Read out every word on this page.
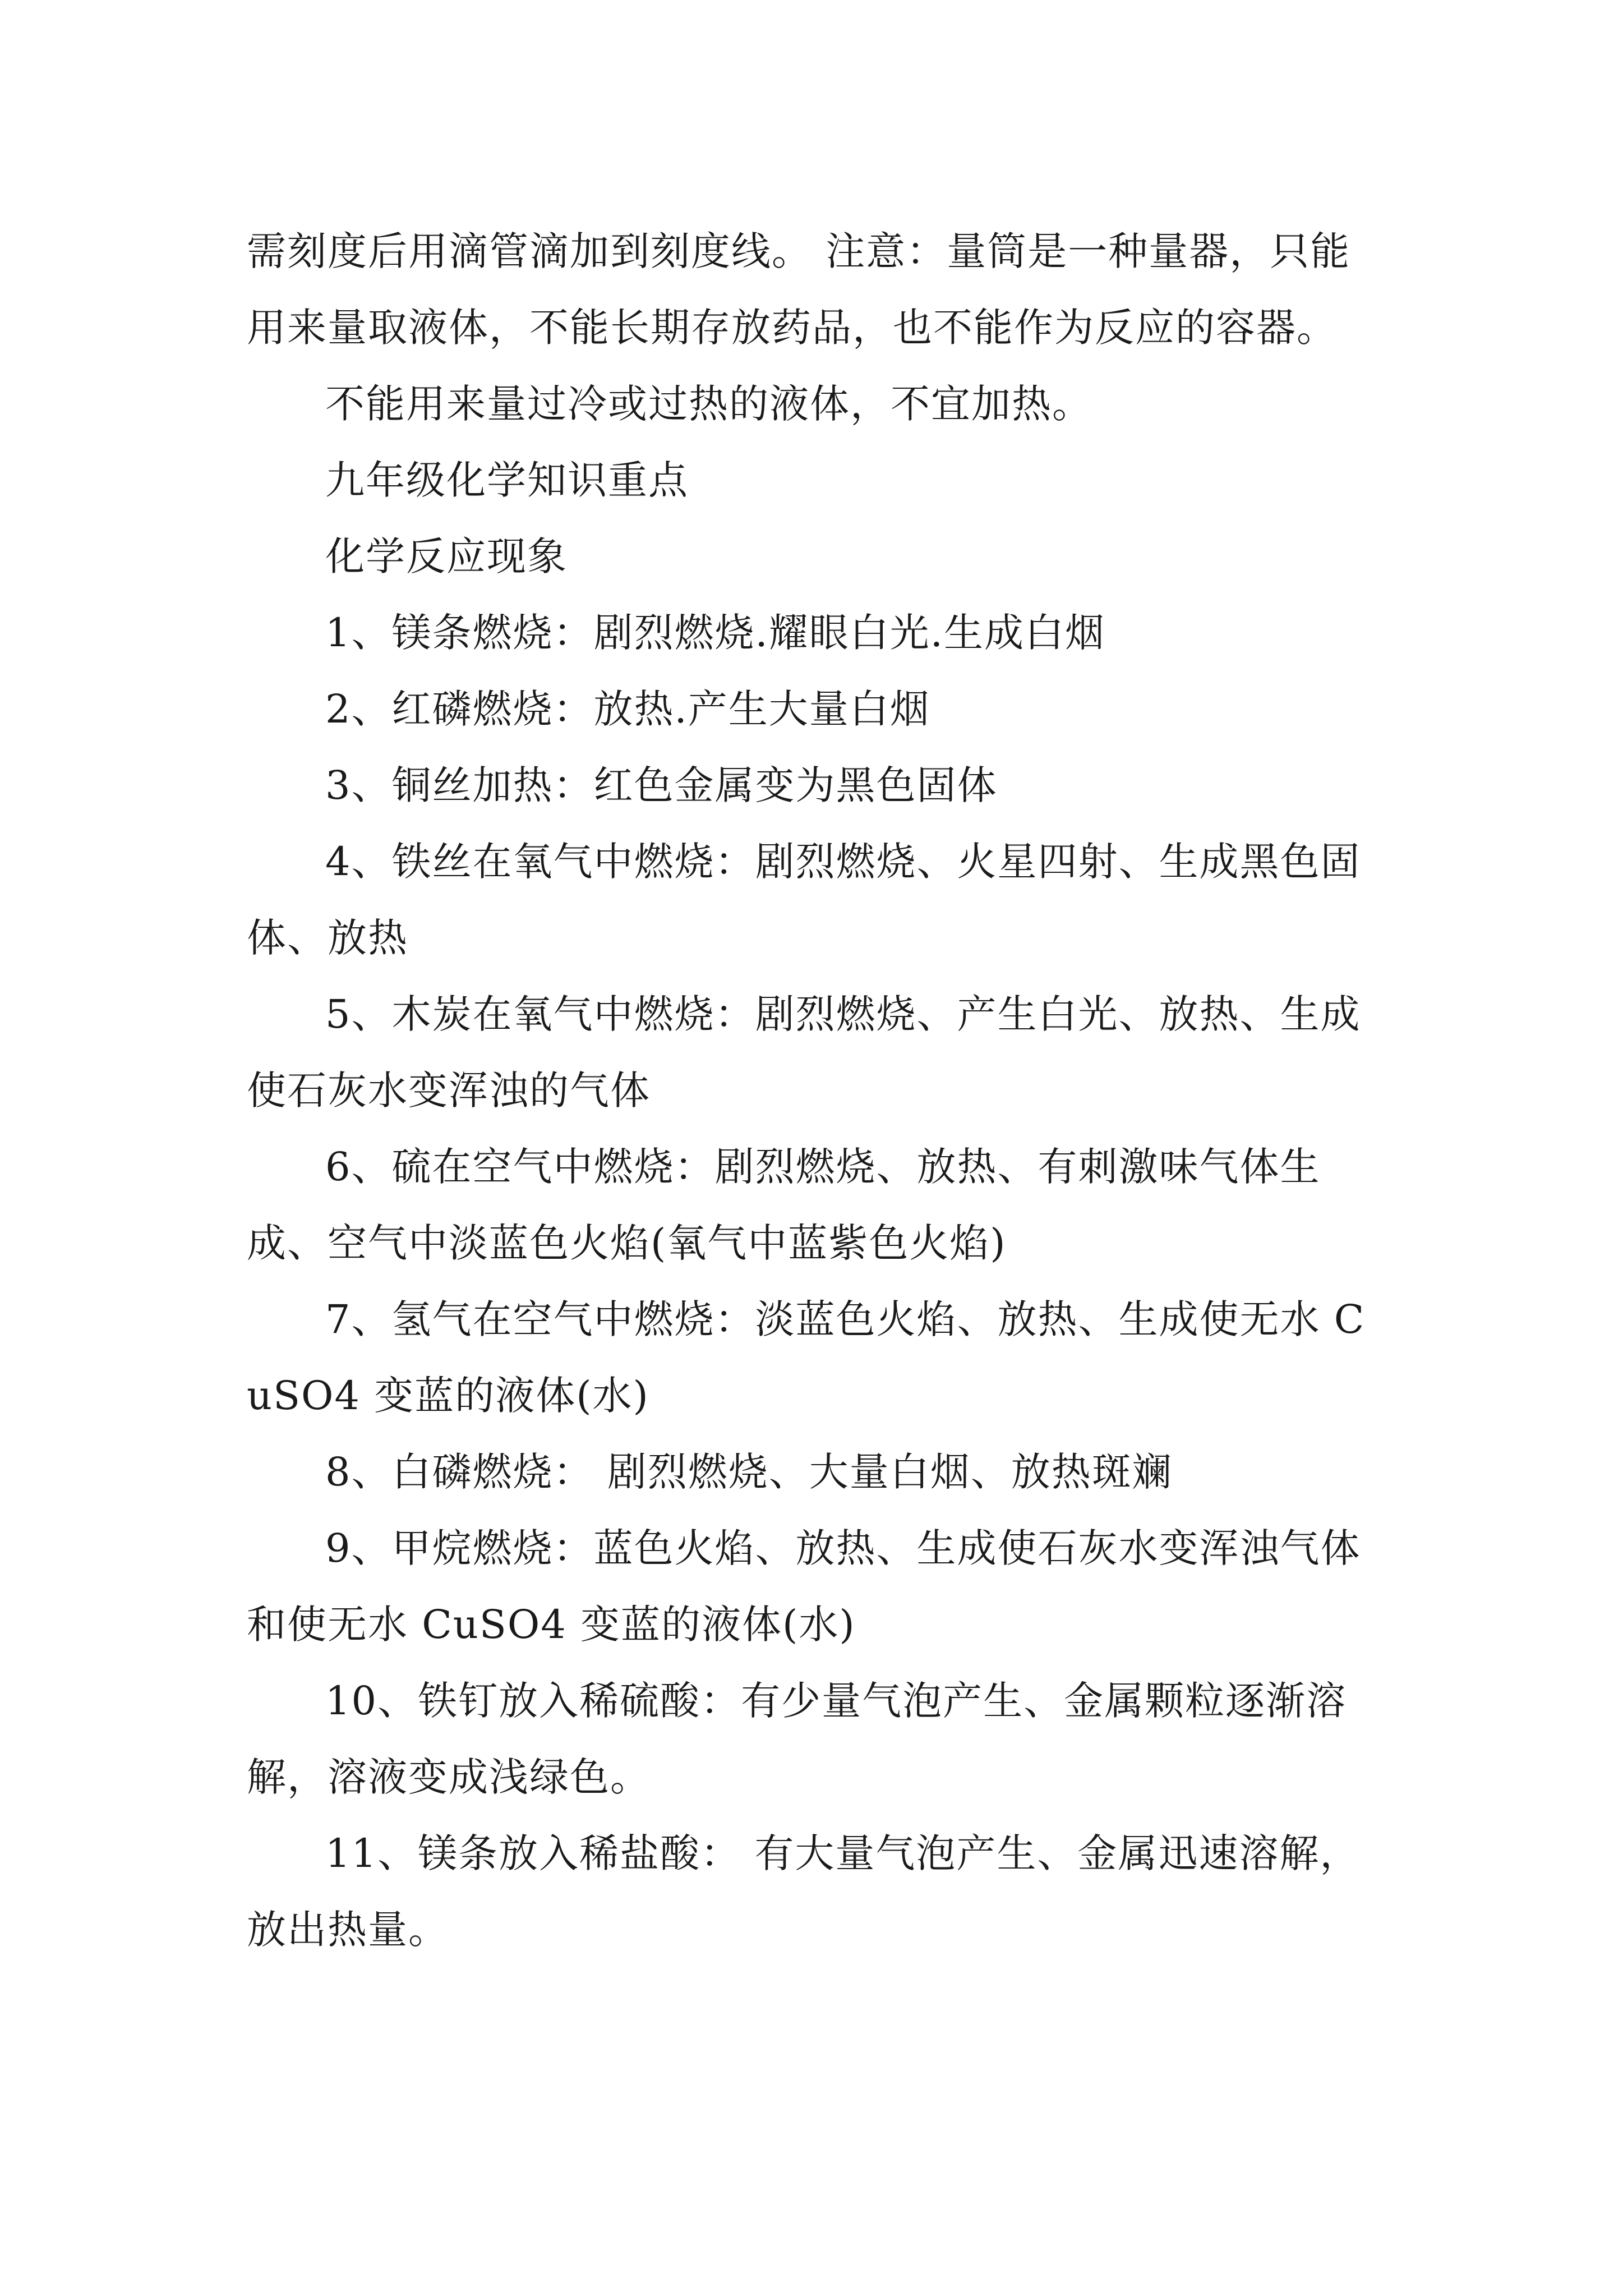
需刻度后用滴管滴加到刻度线。 注意：量筒是一种量器，只能用来量取液体，不能长期存放药品，也不能作为反应的容器。

不能用来量过冷或过热的液体，不宜加热。

九年级化学知识重点

化学反应现象

1、镁条燃烧：剧烈燃烧.耀眼白光.生成白烟

2、红磷燃烧：放热.产生大量白烟

3、铜丝加热：红色金属变为黑色固体

4、铁丝在氧气中燃烧：剧烈燃烧、火星四射、生成黑色固体、放热

5、木炭在氧气中燃烧：剧烈燃烧、产生白光、放热、生成使石灰水变浑浊的气体

6、硫在空气中燃烧：剧烈燃烧、放热、有刺激味气体生成、空气中淡蓝色火焰(氧气中蓝紫色火焰)

7、氢气在空气中燃烧：淡蓝色火焰、放热、生成使无水 CuSO4 变蓝的液体(水)

8、白磷燃烧： 剧烈燃烧、大量白烟、放热斑斓

9、甲烷燃烧：蓝色火焰、放热、生成使石灰水变浑浊气体和使无水 CuSO4 变蓝的液体(水)

10、铁钉放入稀硫酸：有少量气泡产生、金属颗粒逐渐溶解，溶液变成浅绿色。

11、镁条放入稀盐酸： 有大量气泡产生、金属迅速溶解，放出热量。
